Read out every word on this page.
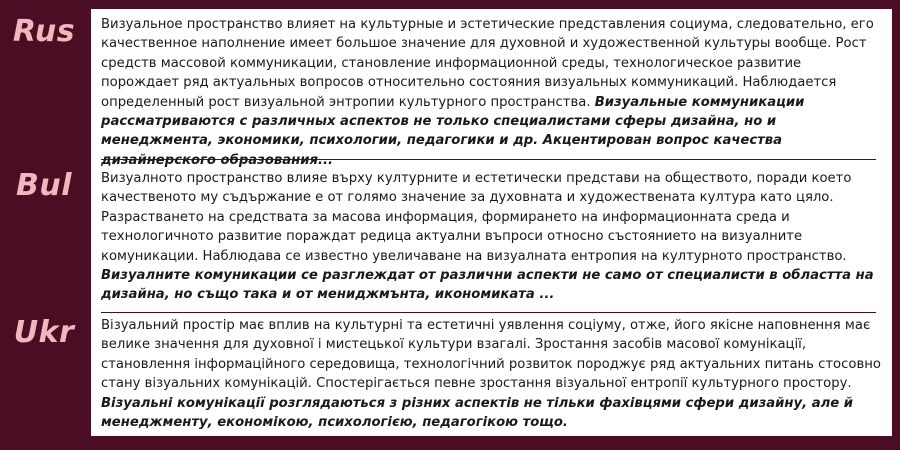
Rus
Bul
Ukr
Визуальное пространство влияет на культурные и эстетические представления социума, следовательно, его качественное наполнение имеет большое значение для духовной и художественной культуры вообще. Рост средств массовой коммуникации, становление информационной среды, технологическое развитие порождает ряд актуальных вопросов относительно состояния визуальных коммуникаций. Наблюдается определенный рост визуальной энтропии культурного пространства. Визуальные коммуникации рассматриваются с различных аспектов не только специалистами сферы дизайна, но и менеджмента, экономики, психологии, педагогики и др. Акцентирован вопрос качества дизайнерского образования...
Визуалното пространство влияе върху културните и естетически представи на обществото, поради което качественото му съдържание е от голямо значение за духовната и художествената култура като цяло. Разрастването на средствата за масова информация, формирането на информационната среда и технологичното развитие пораждат редица актуални въпроси относно състоянието на визуалните комуникации. Наблюдава се известно увеличаване на визуалната ентропия на културното пространство. Визуалните комуникации се разглеждат от различни аспекти не само от специалисти в областта на дизайна, но също така и от мениджмънта, икономиката ...
Візуальний простір має вплив на культурні та естетичні уявлення соціуму, отже, його якісне наповнення має велике значення для духовної і мистецької культури взагалі. Зростання засобів масової комунікації, становлення інформаційного середовища, технологічний розвиток породжує ряд актуальних питань стосовно стану візуальних комунікацій. Спостерігається певне зростання візуальної ентропії культурного простору. Візуальні комунікації розглядаються з різних аспектів не тільки фахівцями сфери дизайну, але й менеджменту, економікою, психологією, педагогікою тощо.
